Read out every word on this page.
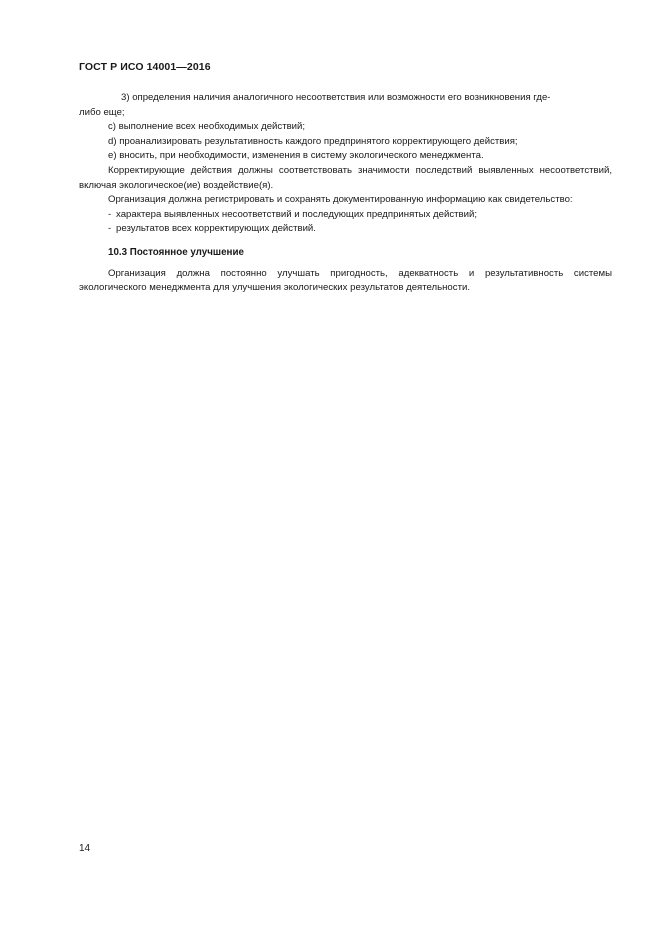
ГОСТ Р ИСО 14001—2016

3) определения наличия аналогичного несоответствия или возможности его возникновения где-

либо еще;

с) выполнение всех необходимых действий;

d) проанализировать результативность каждого предпринятого корректирующего действия;

е) вносить, при необходимости, изменения в систему экологического менеджмента.

Корректирующие действия должны соответствовать значимости последствий выявленных несоответствий, включая экологическое(ие) воздействие(я).

Организация должна регистрировать и сохранять документированную информацию как свидетельство:

- характера выявленных несоответствий и последующих предпринятых действий;

- результатов всех корректирующих действий.

10.3 Постоянное улучшение

Организация должна постоянно улучшать пригодность, адекватность и результативность системы экологического менеджмента для улучшения экологических результатов деятельности.

14
